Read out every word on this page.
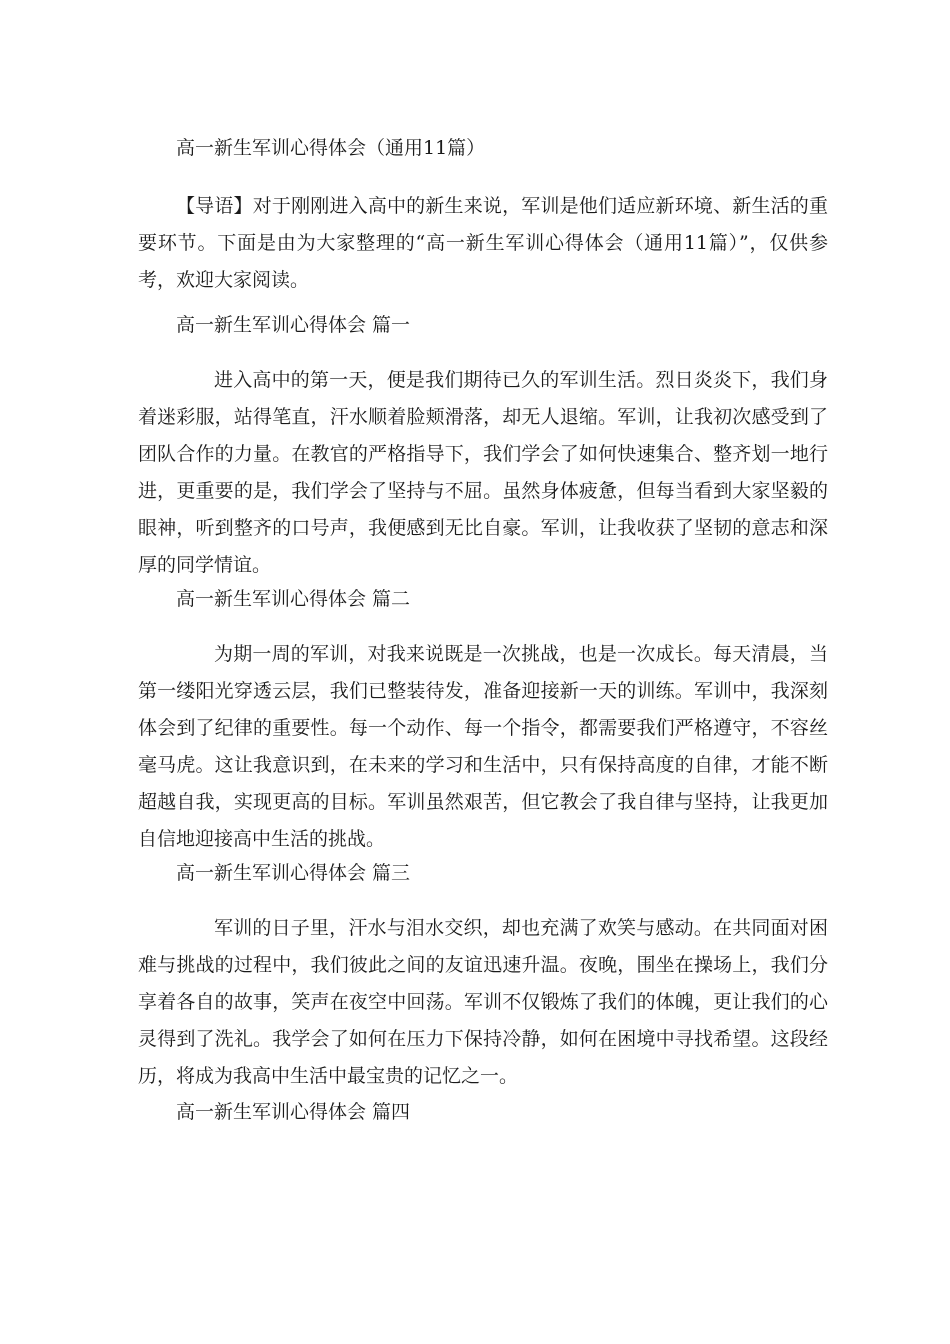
高一新生军训心得体会（通用11篇）
【导语】对于刚刚进入高中的新生来说，军训是他们适应新环境、新生活的重要环节。下面是由为大家整理的“高一新生军训心得体会（通用11篇）”，仅供参考，欢迎大家阅读。
高一新生军训心得体会 篇一
进入高中的第一天，便是我们期待已久的军训生活。烈日炎炎下，我们身着迷彩服，站得笔直，汗水顺着脸颊滑落，却无人退缩。军训，让我初次感受到了团队合作的力量。在教官的严格指导下，我们学会了如何快速集合、整齐划一地行进，更重要的是，我们学会了坚持与不屈。虽然身体疲惫，但每当看到大家坚毅的眼神，听到整齐的口号声，我便感到无比自豪。军训，让我收获了坚韧的意志和深厚的同学情谊。
高一新生军训心得体会 篇二
为期一周的军训，对我来说既是一次挑战，也是一次成长。每天清晨，当第一缕阳光穿透云层，我们已整装待发，准备迎接新一天的训练。军训中，我深刻体会到了纪律的重要性。每一个动作、每一个指令，都需要我们严格遵守，不容丝毫马虎。这让我意识到，在未来的学习和生活中，只有保持高度的自律，才能不断超越自我，实现更高的目标。军训虽然艰苦，但它教会了我自律与坚持，让我更加自信地迎接高中生活的挑战。
高一新生军训心得体会 篇三
军训的日子里，汗水与泪水交织，却也充满了欢笑与感动。在共同面对困难与挑战的过程中，我们彼此之间的友谊迅速升温。夜晚，围坐在操场上，我们分享着各自的故事，笑声在夜空中回荡。军训不仅锻炼了我们的体魄，更让我们的心灵得到了洗礼。我学会了如何在压力下保持冷静，如何在困境中寻找希望。这段经历，将成为我高中生活中最宝贵的记忆之一。
高一新生军训心得体会 篇四
